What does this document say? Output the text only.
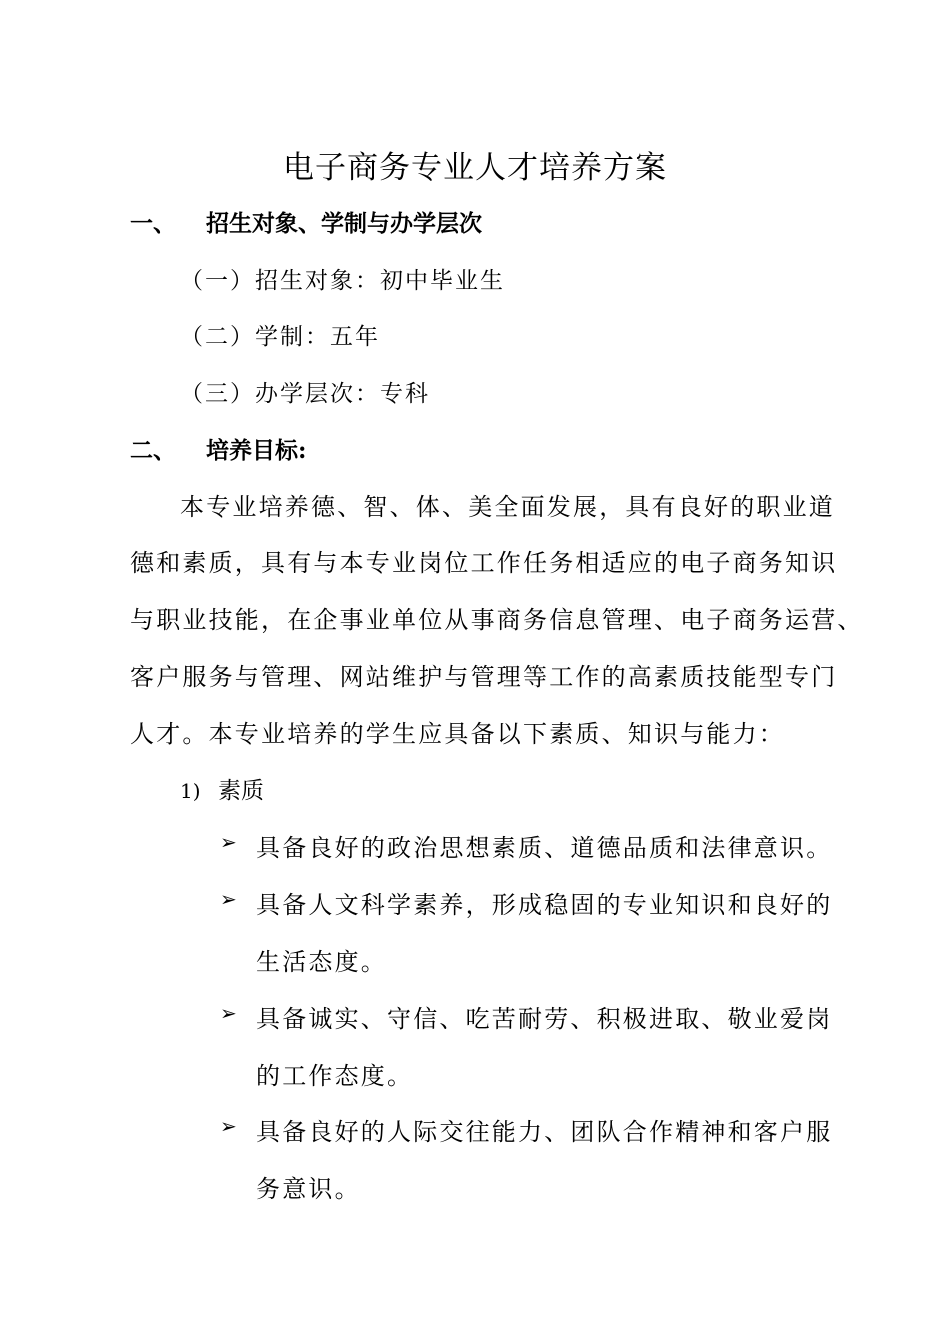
电子商务专业人才培养方案
一、 招生对象、学制与办学层次
（一）招生对象：初中毕业生
（二）学制：五年
（三）办学层次：专科
二、 培养目标:
本专业培养德、智、体、美全面发展，具有良好的职业道
德和素质，具有与本专业岗位工作任务相适应的电子商务知识
与职业技能，在企事业单位从事商务信息管理、电子商务运营、
客户服务与管理、网站维护与管理等工作的高素质技能型专门
人才。本专业培养的学生应具备以下素质、知识与能力：
1) 素质
➢ 具备良好的政治思想素质、道德品质和法律意识。
➢ 具备人文科学素养，形成稳固的专业知识和良好的
生活态度。
➢ 具备诚实、守信、吃苦耐劳、积极进取、敬业爱岗
的工作态度。
➢ 具备良好的人际交往能力、团队合作精神和客户服
务意识。
